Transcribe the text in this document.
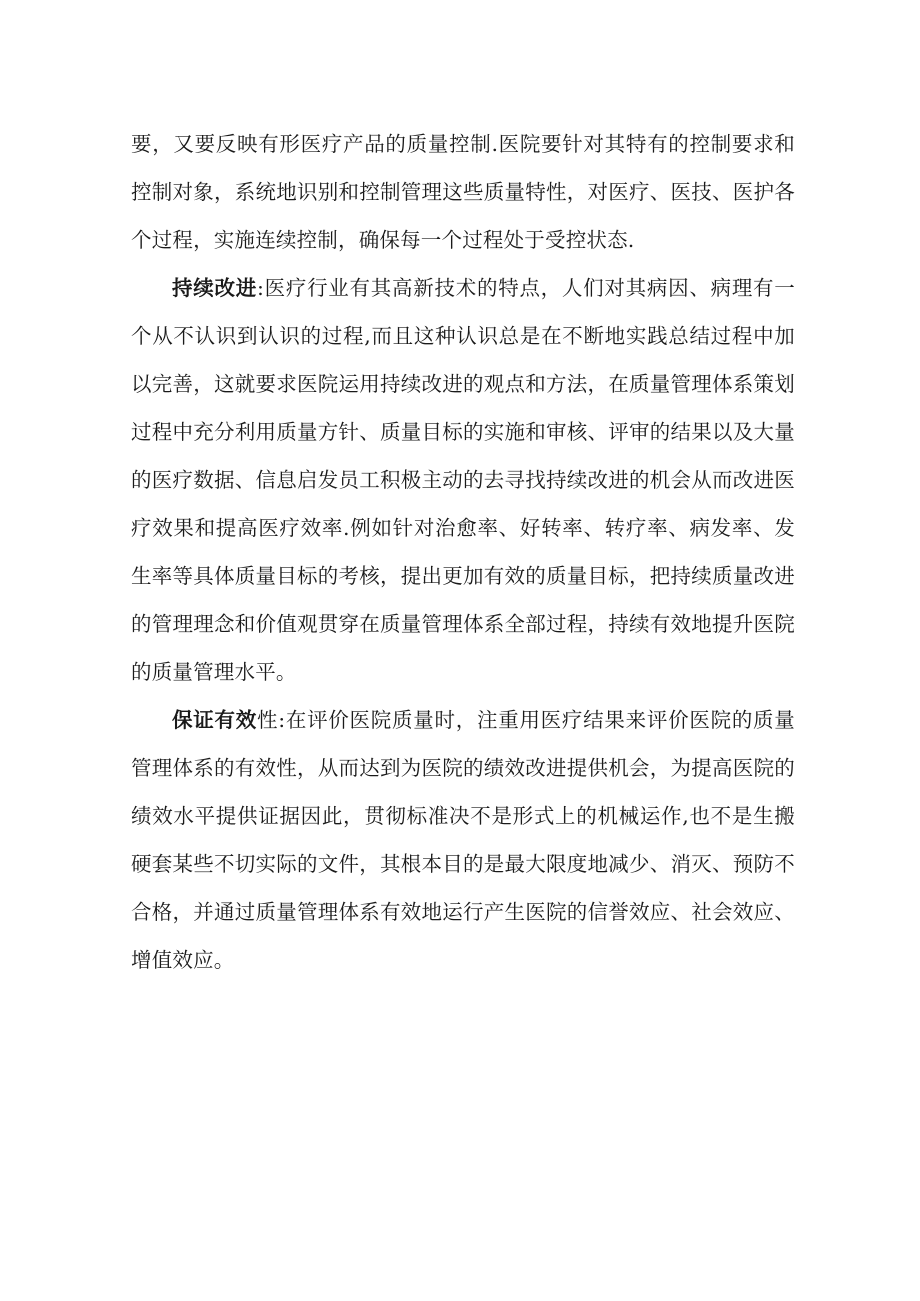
要，又要反映有形医疗产品的质量控制.医院要针对其特有的控制要求和控制对象，系统地识别和控制管理这些质量特性，对医疗、医技、医护各个过程，实施连续控制，确保每一个过程处于受控状态.

持续改进:医疗行业有其高新技术的特点，人们对其病因、病理有一个从不认识到认识的过程,而且这种认识总是在不断地实践总结过程中加以完善，这就要求医院运用持续改进的观点和方法，在质量管理体系策划过程中充分利用质量方针、质量目标的实施和审核、评审的结果以及大量的医疗数据、信息启发员工积极主动的去寻找持续改进的机会从而改进医疗效果和提高医疗效率.例如针对治愈率、好转率、转疗率、病发率、发生率等具体质量目标的考核，提出更加有效的质量目标，把持续质量改进的管理理念和价值观贯穿在质量管理体系全部过程，持续有效地提升医院的质量管理水平。

保证有效性:在评价医院质量时，注重用医疗结果来评价医院的质量管理体系的有效性，从而达到为医院的绩效改进提供机会，为提高医院的绩效水平提供证据因此，贯彻标准决不是形式上的机械运作,也不是生搬硬套某些不切实际的文件，其根本目的是最大限度地减少、消灭、预防不合格，并通过质量管理体系有效地运行产生医院的信誉效应、社会效应、增值效应。
